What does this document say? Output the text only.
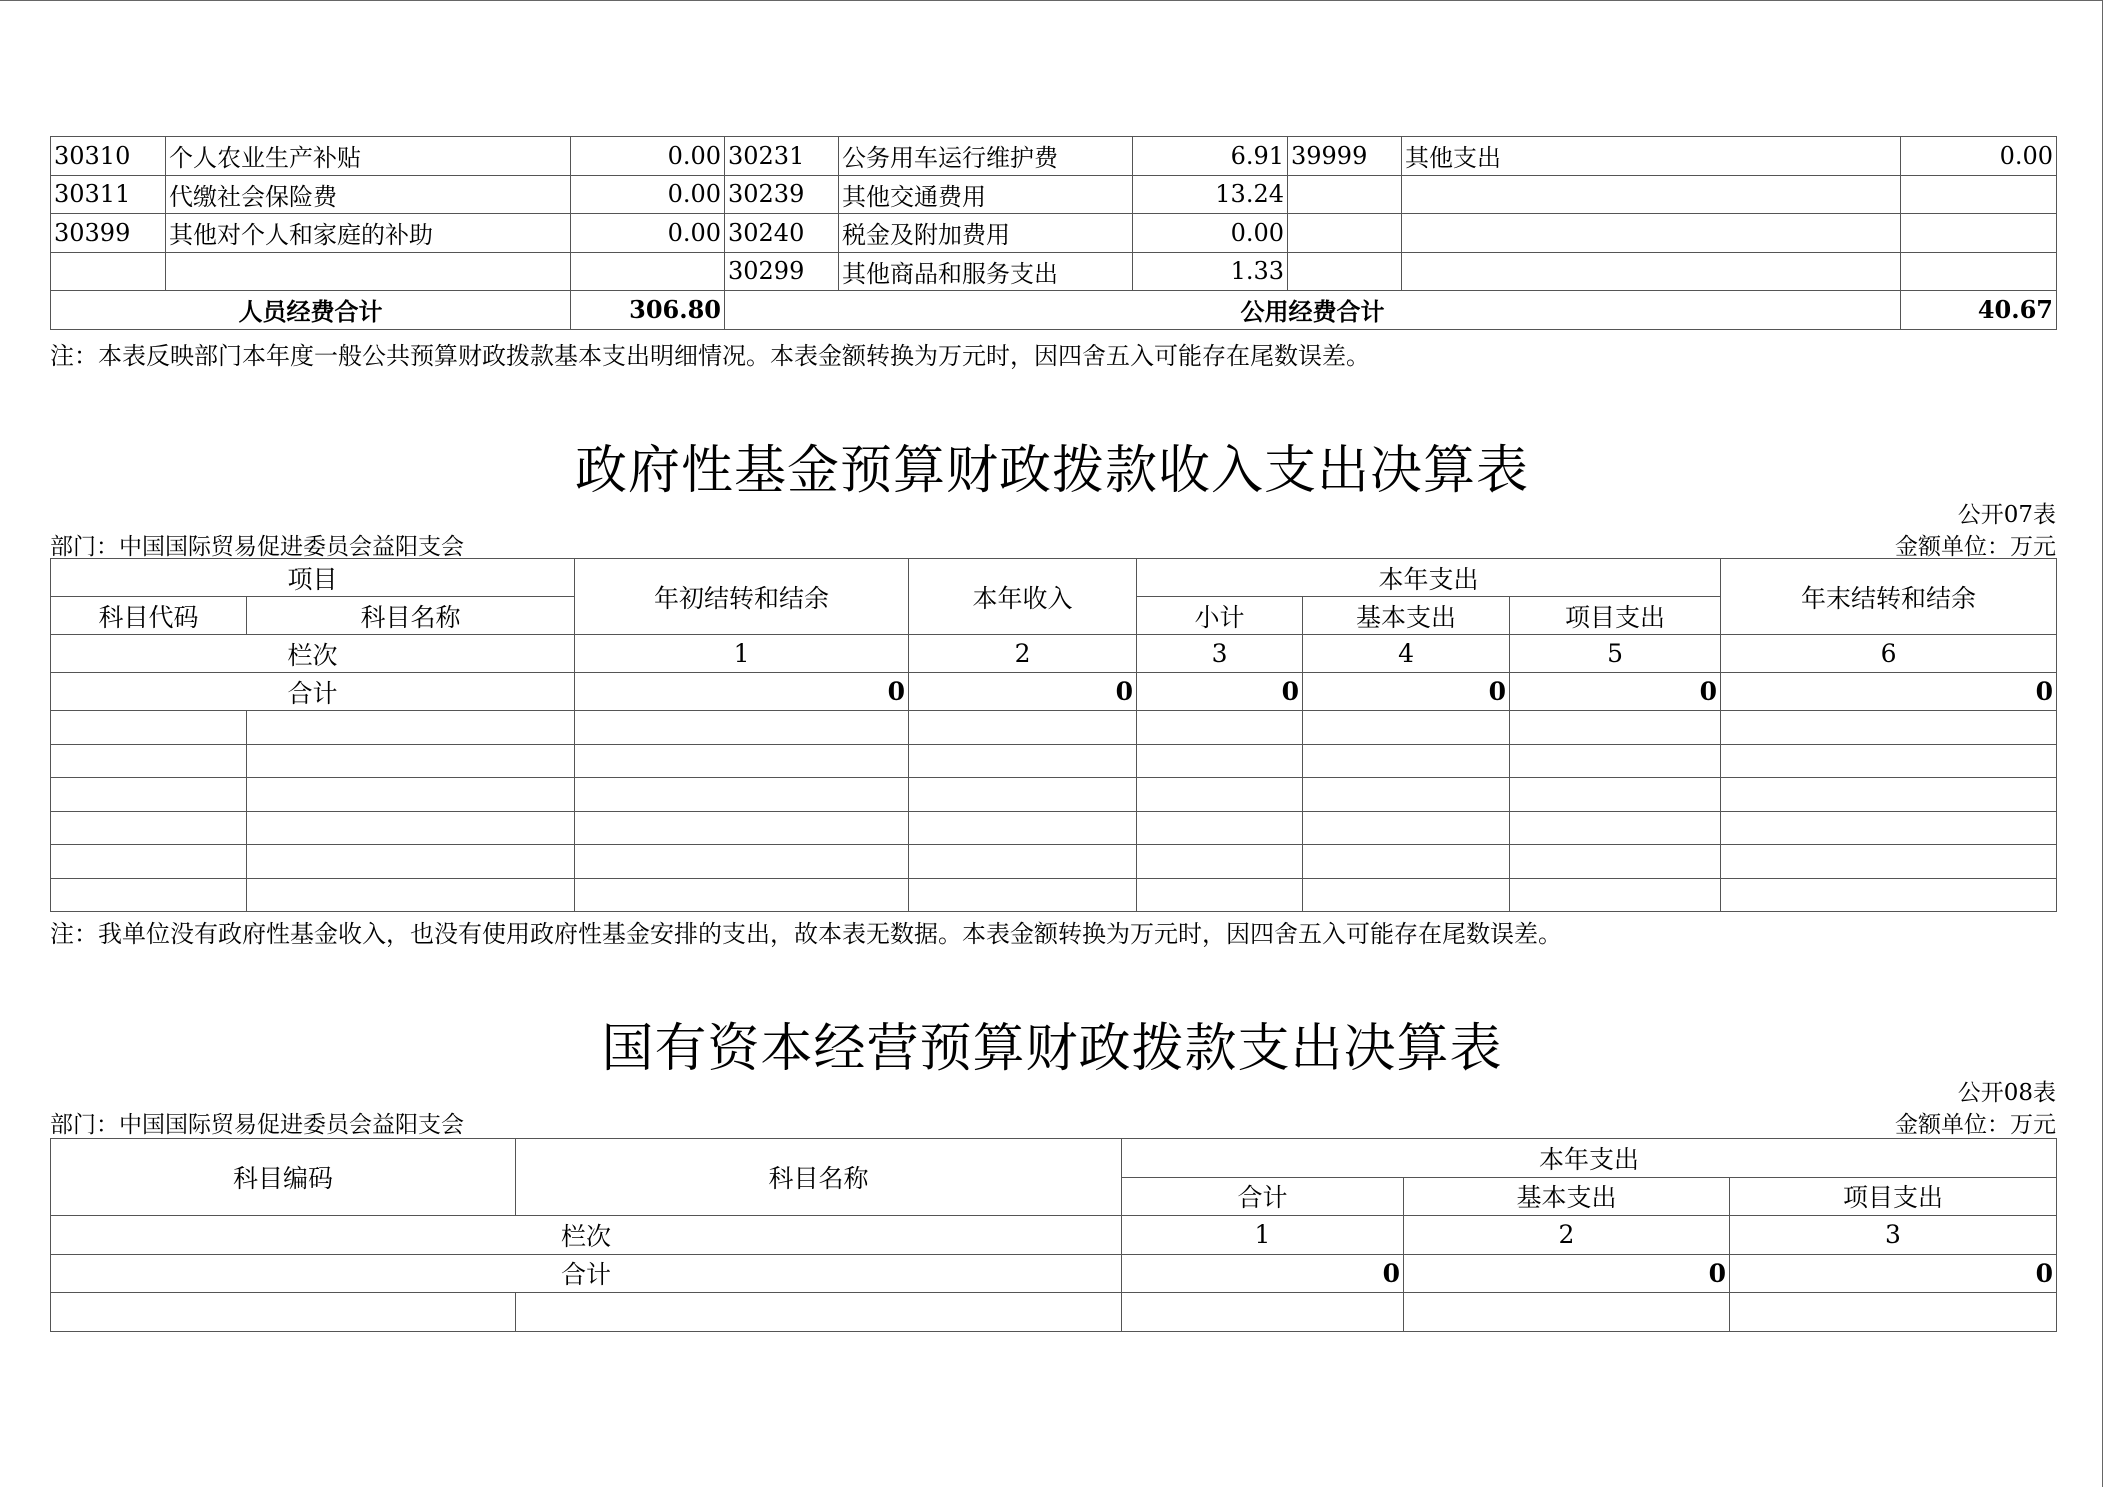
30310	个人农业生产补贴	0.00	30231	公务用车运行维护费	6.91	39999	其他支出	0.00
30311	代缴社会保险费	0.00	30239	其他交通费用	13.24			
30399	其他对个人和家庭的补助	0.00	30240	税金及附加费用	0.00			
			30299	其他商品和服务支出	1.33			
人员经费合计		306.80	公用经费合计					40.67
注：本表反映部门本年度一般公共预算财政拨款基本支出明细情况。本表金额转换为万元时，因四舍五入可能存在尾数误差。
政府性基金预算财政拨款收入支出决算表
公开07表
部门：中国国际贸易促进委员会益阳支会	金额单位：万元
项目		年初结转和结余	本年收入	本年支出			年末结转和结余
科目代码	科目名称			小计	基本支出	项目支出	
栏次		1	2	3	4	5	6
合计		0	0	0	0	0	0

注：我单位没有政府性基金收入，也没有使用政府性基金安排的支出，故本表无数据。本表金额转换为万元时，因四舍五入可能存在尾数误差。
国有资本经营预算财政拨款支出决算表
公开08表
部门：中国国际贸易促进委员会益阳支会	金额单位：万元
科目编码	科目名称	本年支出		
		合计	基本支出	项目支出
栏次		1	2	3
合计		0	0	0
